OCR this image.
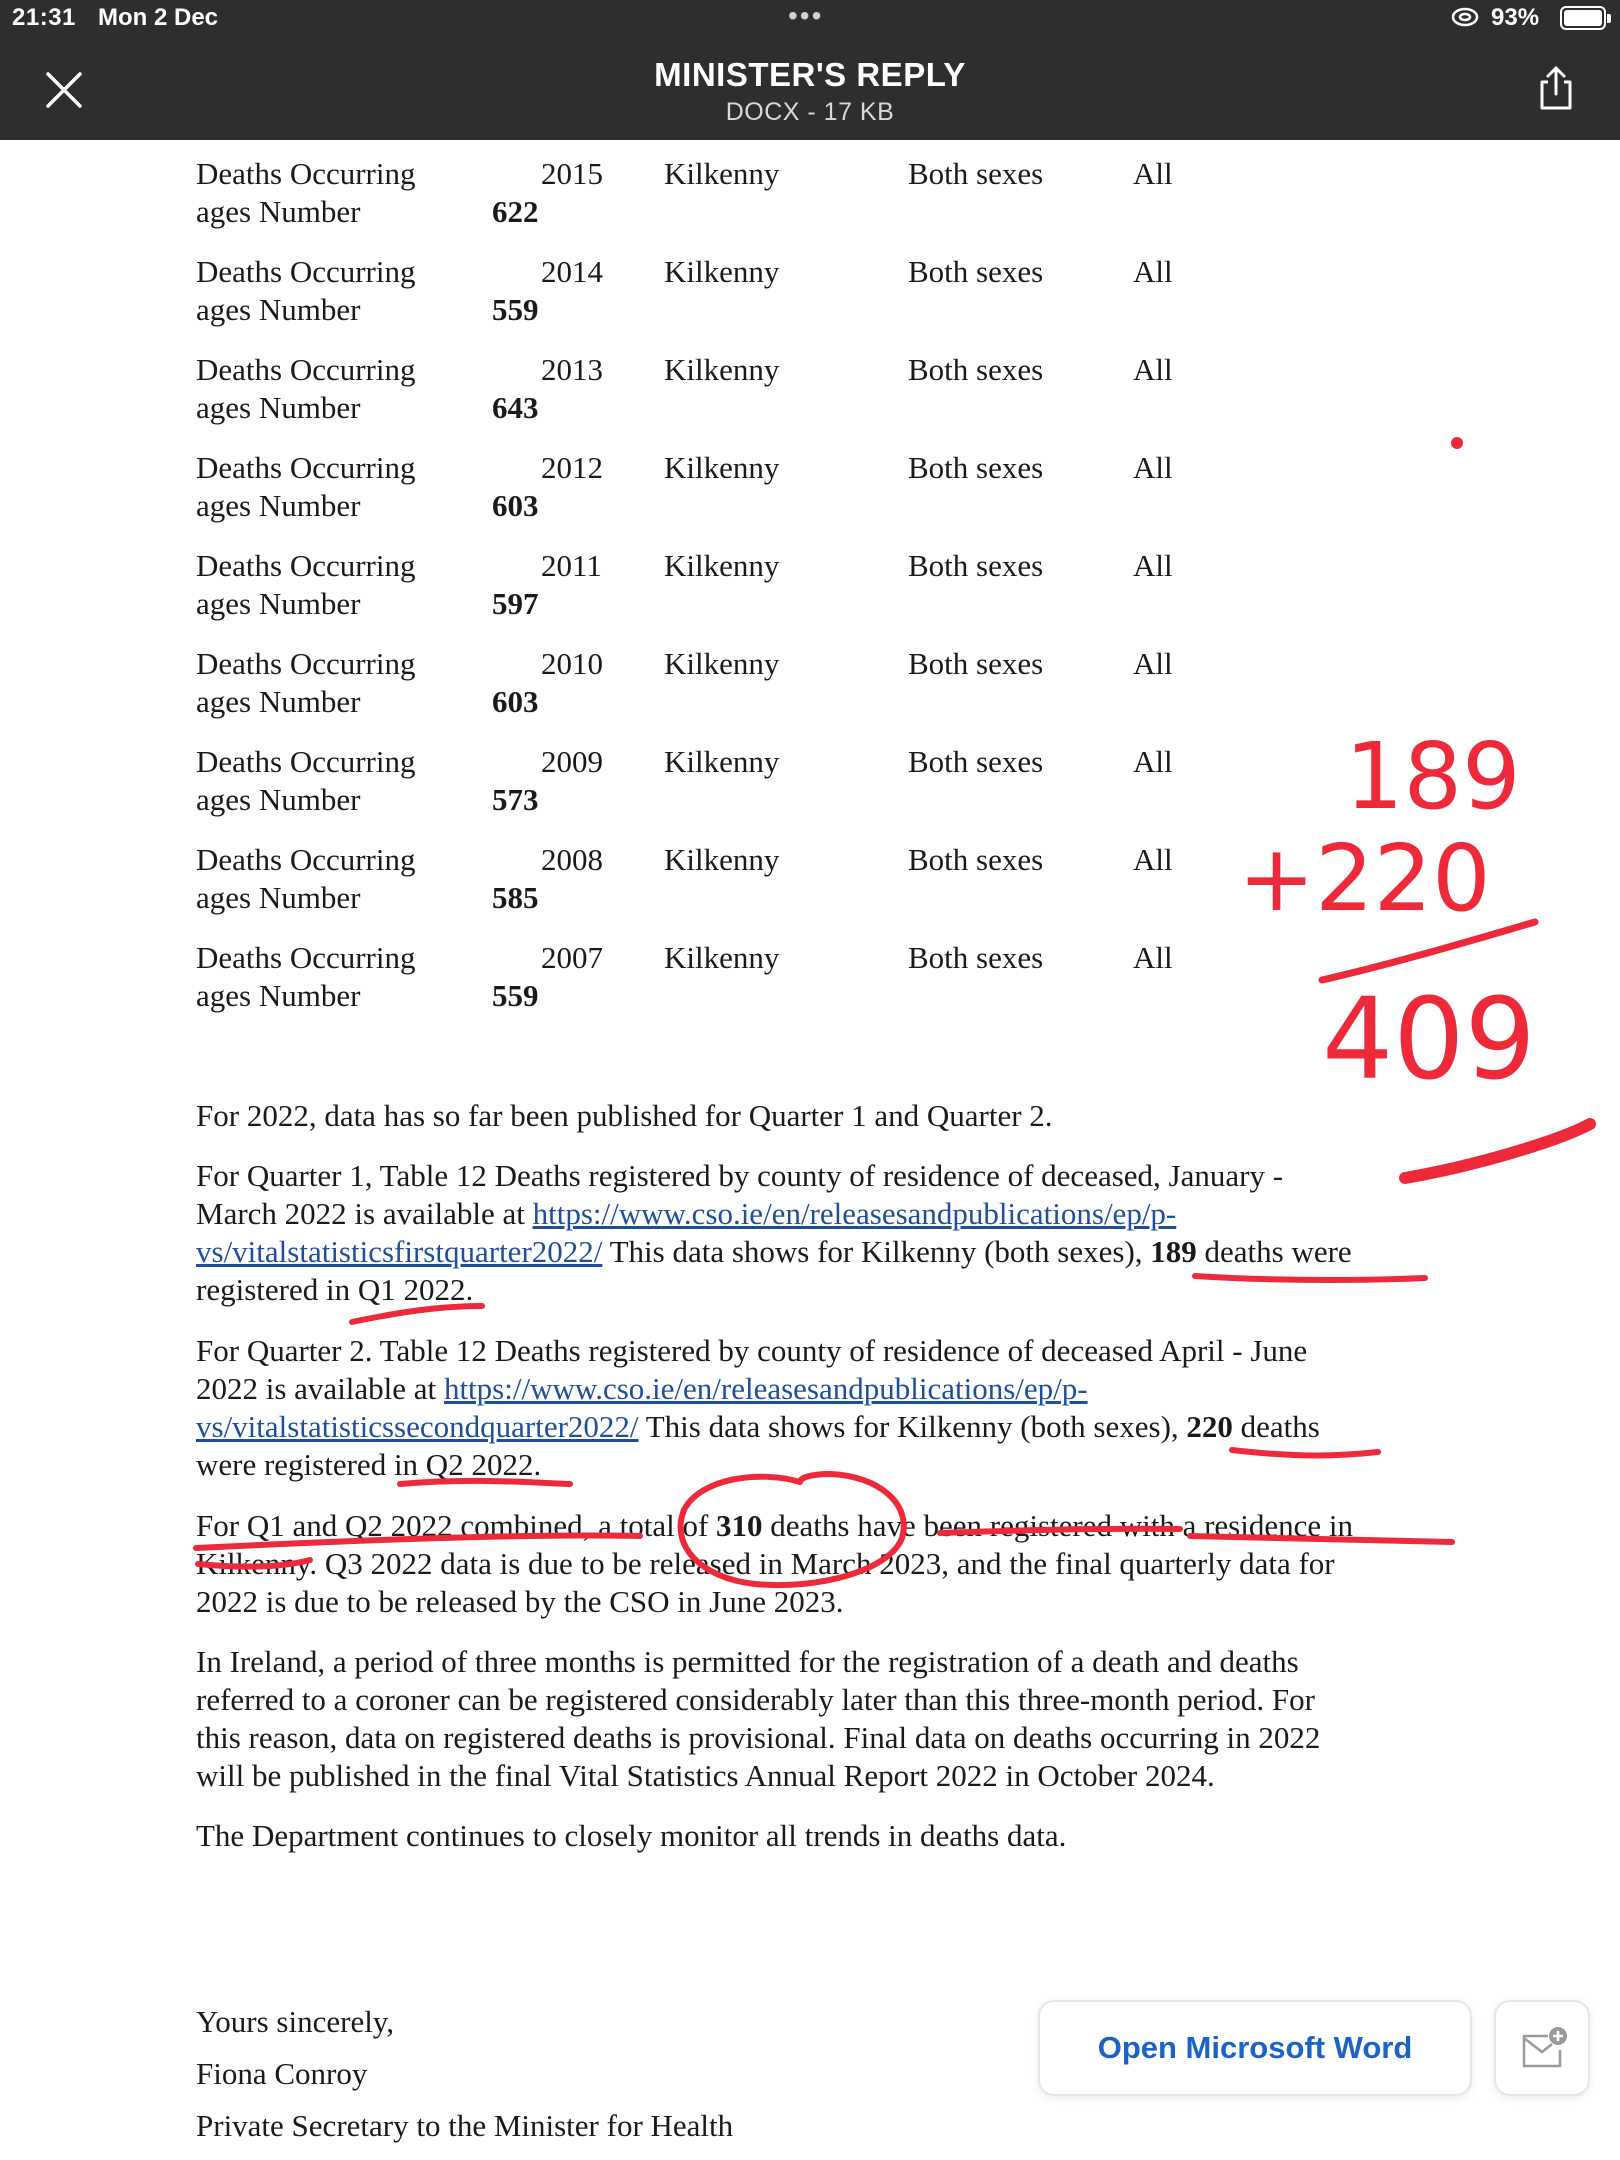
21:31 Mon 2 Dec	•••	93%
MINISTER'S REPLY
DOCX - 17 KB
Deaths Occurring	2015 Kilkenny	Both sexes	All
ages Number	622
Deaths Occurring	2014 Kilkenny	Both sexes	All
ages Number	559
Deaths Occurring	2013 Kilkenny	Both sexes	All
ages Number	643
Deaths Occurring	2012 Kilkenny	Both sexes	All
ages Number	603
Deaths Occurring	2011 Kilkenny	Both sexes	All
ages Number	597
Deaths Occurring	2010 Kilkenny	Both sexes	All
ages Number	603
Deaths Occurring	2009 Kilkenny	Both sexes	All
ages Number	573
Deaths Occurring	2008 Kilkenny	Both sexes	All
ages Number	585
Deaths Occurring	2007 Kilkenny	Both sexes	All
ages Number	559
For 2022, data has so far been published for Quarter 1 and Quarter 2.
For Quarter 1, Table 12 Deaths registered by county of residence of deceased, January -
March 2022 is available at https://www.cso.ie/en/releasesandpublications/ep/p-
vs/vitalstatisticsfirstquarter2022/ This data shows for Kilkenny (both sexes), 189 deaths were
registered in Q1 2022.
For Quarter 2. Table 12 Deaths registered by county of residence of deceased April - June
2022 is available at https://www.cso.ie/en/releasesandpublications/ep/p-
vs/vitalstatisticssecondquarter2022/ This data shows for Kilkenny (both sexes), 220 deaths
were registered in Q2 2022.
For Q1 and Q2 2022 combined, a total of 310 deaths have been registered with a residence in
Kilkenny. Q3 2022 data is due to be released in March 2023, and the final quarterly data for
2022 is due to be released by the CSO in June 2023.
In Ireland, a period of three months is permitted for the registration of a death and deaths
referred to a coroner can be registered considerably later than this three-month period. For
this reason, data on registered deaths is provisional. Final data on deaths occurring in 2022
will be published in the final Vital Statistics Annual Report 2022 in October 2024.
The Department continues to closely monitor all trends in deaths data.
Yours sincerely,
Fiona Conroy
Private Secretary to the Minister for Health
Open Microsoft Word
189
+220
409
